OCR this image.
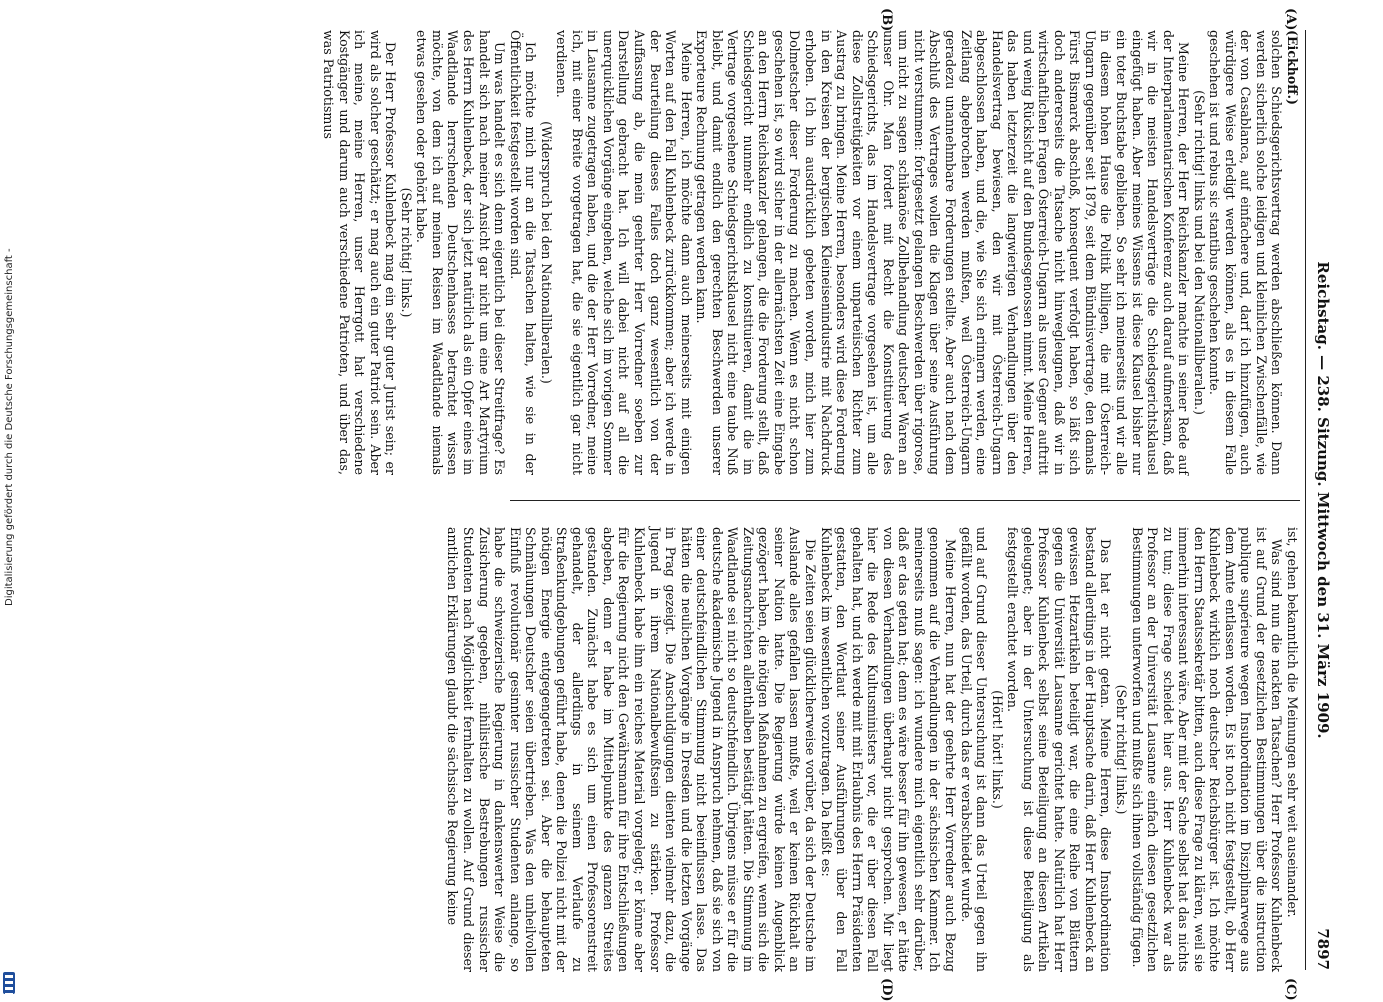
Reichstag. — 238. Sitzung. Mittwoch den 31. März 1909.
7897
(A)
(B)
(C)
(D)

(Eickhoff.)

solchen Schiedsgerichtsvertrag werden abschließen können. Dann werden sicherlich solche leidigen und kleinlichen Zwischenfälle, wie der von Casablanca, auf einfachere und, darf ich hinzufügen, auch würdigere Weise erledigt werden können, als es in diesem Falle geschehen ist und rebus sic stantibus geschehen konnte.

(Sehr richtig! links und bei den Nationalliberalen.)

Meine Herren, der Herr Reichskanzler machte in seiner Rede auf der Interparlamentarischen Konferenz auch darauf aufmerksam, daß wir in die meisten Handelsverträge die Schiedsgerichtsklausel eingefügt haben. Aber meines Wissens ist diese Klausel bisher nur ein toter Buchstabe geblieben. So sehr ich meinerseits und wir alle in diesem hohen Hause die Politik billigen, die mit Österreich-Ungarn gegenüber seit 1879, seit dem Bündnisvertrage, den damals Fürst Bismarck abschloß, konsequent verfolgt haben, so läßt sich doch andererseits die Tatsache nicht hinwegleugnen, daß wir in wirtschaftlichen Fragen Österreich-Ungarn als unser Gegner auftritt und wenig Rücksicht auf den Bundesgenossen nimmt. Meine Herren, das haben letzterzeit die langwierigen Verhandlungen über den Handelsvertrag bewiesen, den wir mit Österreich-Ungarn abgeschlossen haben, und die, wie Sie sich erinnern werden, eine Zeitlang abgebrochen werden mußten, weil Österreich-Ungarn geradezu unannehmbare Forderungen stellte. Aber auch nach dem Abschluß des Vertrages wollen die Klagen über seine Ausführung nicht verstummen: fortgesetzt gelangen Beschwerden über rigorose, um nicht zu sagen schikanöse Zollbehandlung deutscher Waren an unser Ohr. Man fordert mit Recht die Konstituierung des Schiedsgerichts, das im Handelsvertrage vorgesehen ist, um alle diese Zollstreitigkeiten vor einem unparteiischen Richter zum Austrag zu bringen. Meine Herren, besonders wird diese Forderung in den Kreisen der bergischen Kleineisenindustrie mit Nachdruck erhoben. Ich bin ausdrücklich gebeten worden, mich hier zum Dolmetscher dieser Forderung zu machen. Wenn es nicht schon geschehen ist, so wird sicher in der allernächsten Zeit eine Eingabe an den Herrn Reichskanzler gelangen, die die Forderung stellt, daß Schiedsgericht nunmehr endlich zu konstituieren, damit die im Vertrage vorgesehene Schiedsgerichtsklausel nicht eine taube Nuß bleibt, und damit endlich den gerechten Beschwerden unserer Exporteure Rechnung getragen werden kann.

Meine Herren, ich möchte dann auch meinerseits mit einigen Worten auf den Fall Kuhlenbeck zurückkommen; aber ich werde in der Beurteilung dieses Falles doch ganz wesentlich von der Auffassung ab, die mein geehrter Herr Vorredner soeben zur Darstellung gebracht hat. Ich will dabei nicht auf all die unerquicklichen Vorgänge eingehen, welche sich im vorigen Sommer in Lausanne zugetragen haben, und die der Herr Vorredner, meine ich, mit einer Breite vorgetragen hat, die sie eigentlich gar nicht verdienen.

(Widerspruch bei den Nationalliberalen.)

Ich möchte mich nur an die Tatsachen halten, wie sie in der Öffentlichkeit festgestellt worden sind.

Um was handelt es sich denn eigentlich bei dieser Streitfrage? Es handelt sich nach meiner Ansicht gar nicht um eine Art Martyrium des Herrn Kuhlenbeck, der sich jetzt natürlich als ein Opfer eines im Waadtlande herrschenden Deutschenhasses betrachtet wissen möchte, von dem ich auf meinen Reisen im Waadtlande niemals etwas gesehen oder gehört habe.

(Sehr richtig! links.)

Der Herr Professor Kuhlenbeck mag ein sehr guter Jurist sein; er wird als solcher geschätzt; er mag auch ein guter Patriot sein. Aber ich meine, meine Herren, unser Herrgott hat verschiedene Kostgänger und darum auch verschiedene Patrioten, und über das, was Patriotismus

ist, gehen bekanntlich die Meinungen sehr weit auseinander.

Was sind nun die nackten Tatsachen? Herr Professor Kuhlenbeck ist auf Grund der gesetzlichen Bestimmungen über die instruction publique supérieure wegen Insubordination im Disziplinarwege aus dem Amte entlassen worden. Es ist noch nicht festgestellt, ob Herr Kuhlenbeck wirklich noch deutscher Reichsbürger ist. Ich möchte den Herrn Staatssekretär bitten, auch diese Frage zu klären, weil sie immerhin interessant wäre. Aber mit der Sache selbst hat das nichts zu tun; diese Frage scheidet hier aus. Herr Kuhlenbeck war als Professor an der Universität Lausanne einfach diesen gesetzlichen Bestimmungen unterworfen und mußte sich ihnen vollständig fügen.

(Sehr richtig! links.)

Das hat er nicht getan. Meine Herren, diese Insubordination bestand allerdings in der Hauptsache darin, daß Herr Kuhlenbeck an gewissen Hetzartikeln beteiligt war, die eine Reihe von Blättern gegen die Universität Lausanne gerichtet hatte. Natürlich hat Herr Professor Kuhlenbeck selbst seine Beteiligung an diesen Artikeln geleugnet; aber in der Untersuchung ist diese Beteiligung als festgestellt erachtet worden.

(Hört! hört! links.)

und auf Grund dieser Untersuchung ist dann das Urteil gegen ihn gefällt worden, das Urteil, durch das er verabschiedet wurde.

Meine Herren, nun hat der geehrte Herr Vorredner auch Bezug genommen auf die Verhandlungen in der sächsischen Kammer. Ich meinerseits muß sagen: ich wundere mich eigentlich sehr darüber, daß er das getan hat; denn es wäre besser für ihn gewesen, er hätte von diesen Verhandlungen überhaupt nicht gesprochen. Mir liegt hier die Rede des Kultusministers vor, die er über diesen Fall gehalten hat, und ich werde mit mit Erlaubnis des Herrn Präsidenten gestatten, den Wortlaut seiner Ausführungen über den Fall Kuhlenbeck im wesentlichen vorzutragen. Da heißt es:

Die Zeiten seien glücklicherweise vorüber, da sich der Deutsche im Auslande alles gefallen lassen mußte, weil er keinen Rückhalt an seiner Nation hatte. Die Regierung würde keinen Augenblick gezögert haben, die nötigen Maßnahmen zu ergreifen, wenn sich die Zeitungsnachrichten allenthalben bestätigt hätten. Die Stimmung im Waadtlande sei nicht so deutschfeindlich. Übrigens müsse er für die deutsche akademische Jugend in Anspruch nehmen, daß sie sich von einer deutschfeindlichen Stimmung nicht beeinflussen lasse. Das hätten die neulichen Vorgänge in Dresden und die letzten Vorgänge in Prag gezeigt. Die Anschuldigungen dienten vielmehr dazu, die Jugend in ihrem Nationalbewußtsein zu stärken. Professor Kuhlenbeck habe ihm ein reiches Material vorgelegt; er könne aber für die Regierung nicht den Gewährsmann für ihre Entschließungen abgeben, denn er habe im Mittelpunkte des ganzen Streites gestanden. Zunächst habe es sich um einen Professorenstreit gehandelt, der allerdings in seinem Verlaufe zu Straßenkundgebungen geführt habe, denen die Polizei nicht mit der nötigen Energie entgegengetreten sei. Aber die behaupteten Schmähungen Deutscher seien übertrieben. Was den unheilvollen Einfluß revolutionär gesinnter russischer Studenten anlange, so habe die schweizerische Regierung in dankenswerter Weise die Zusicherung gegeben, nihilistische Bestrebungen russischer Studenten nach Möglichkeit fernhalten zu wollen. Auf Grund dieser amtlichen Erklärungen glaubt die sächsische Regierung keine

Digitalisierung gefördert durch die Deutsche Forschungsgemeinschaft -
